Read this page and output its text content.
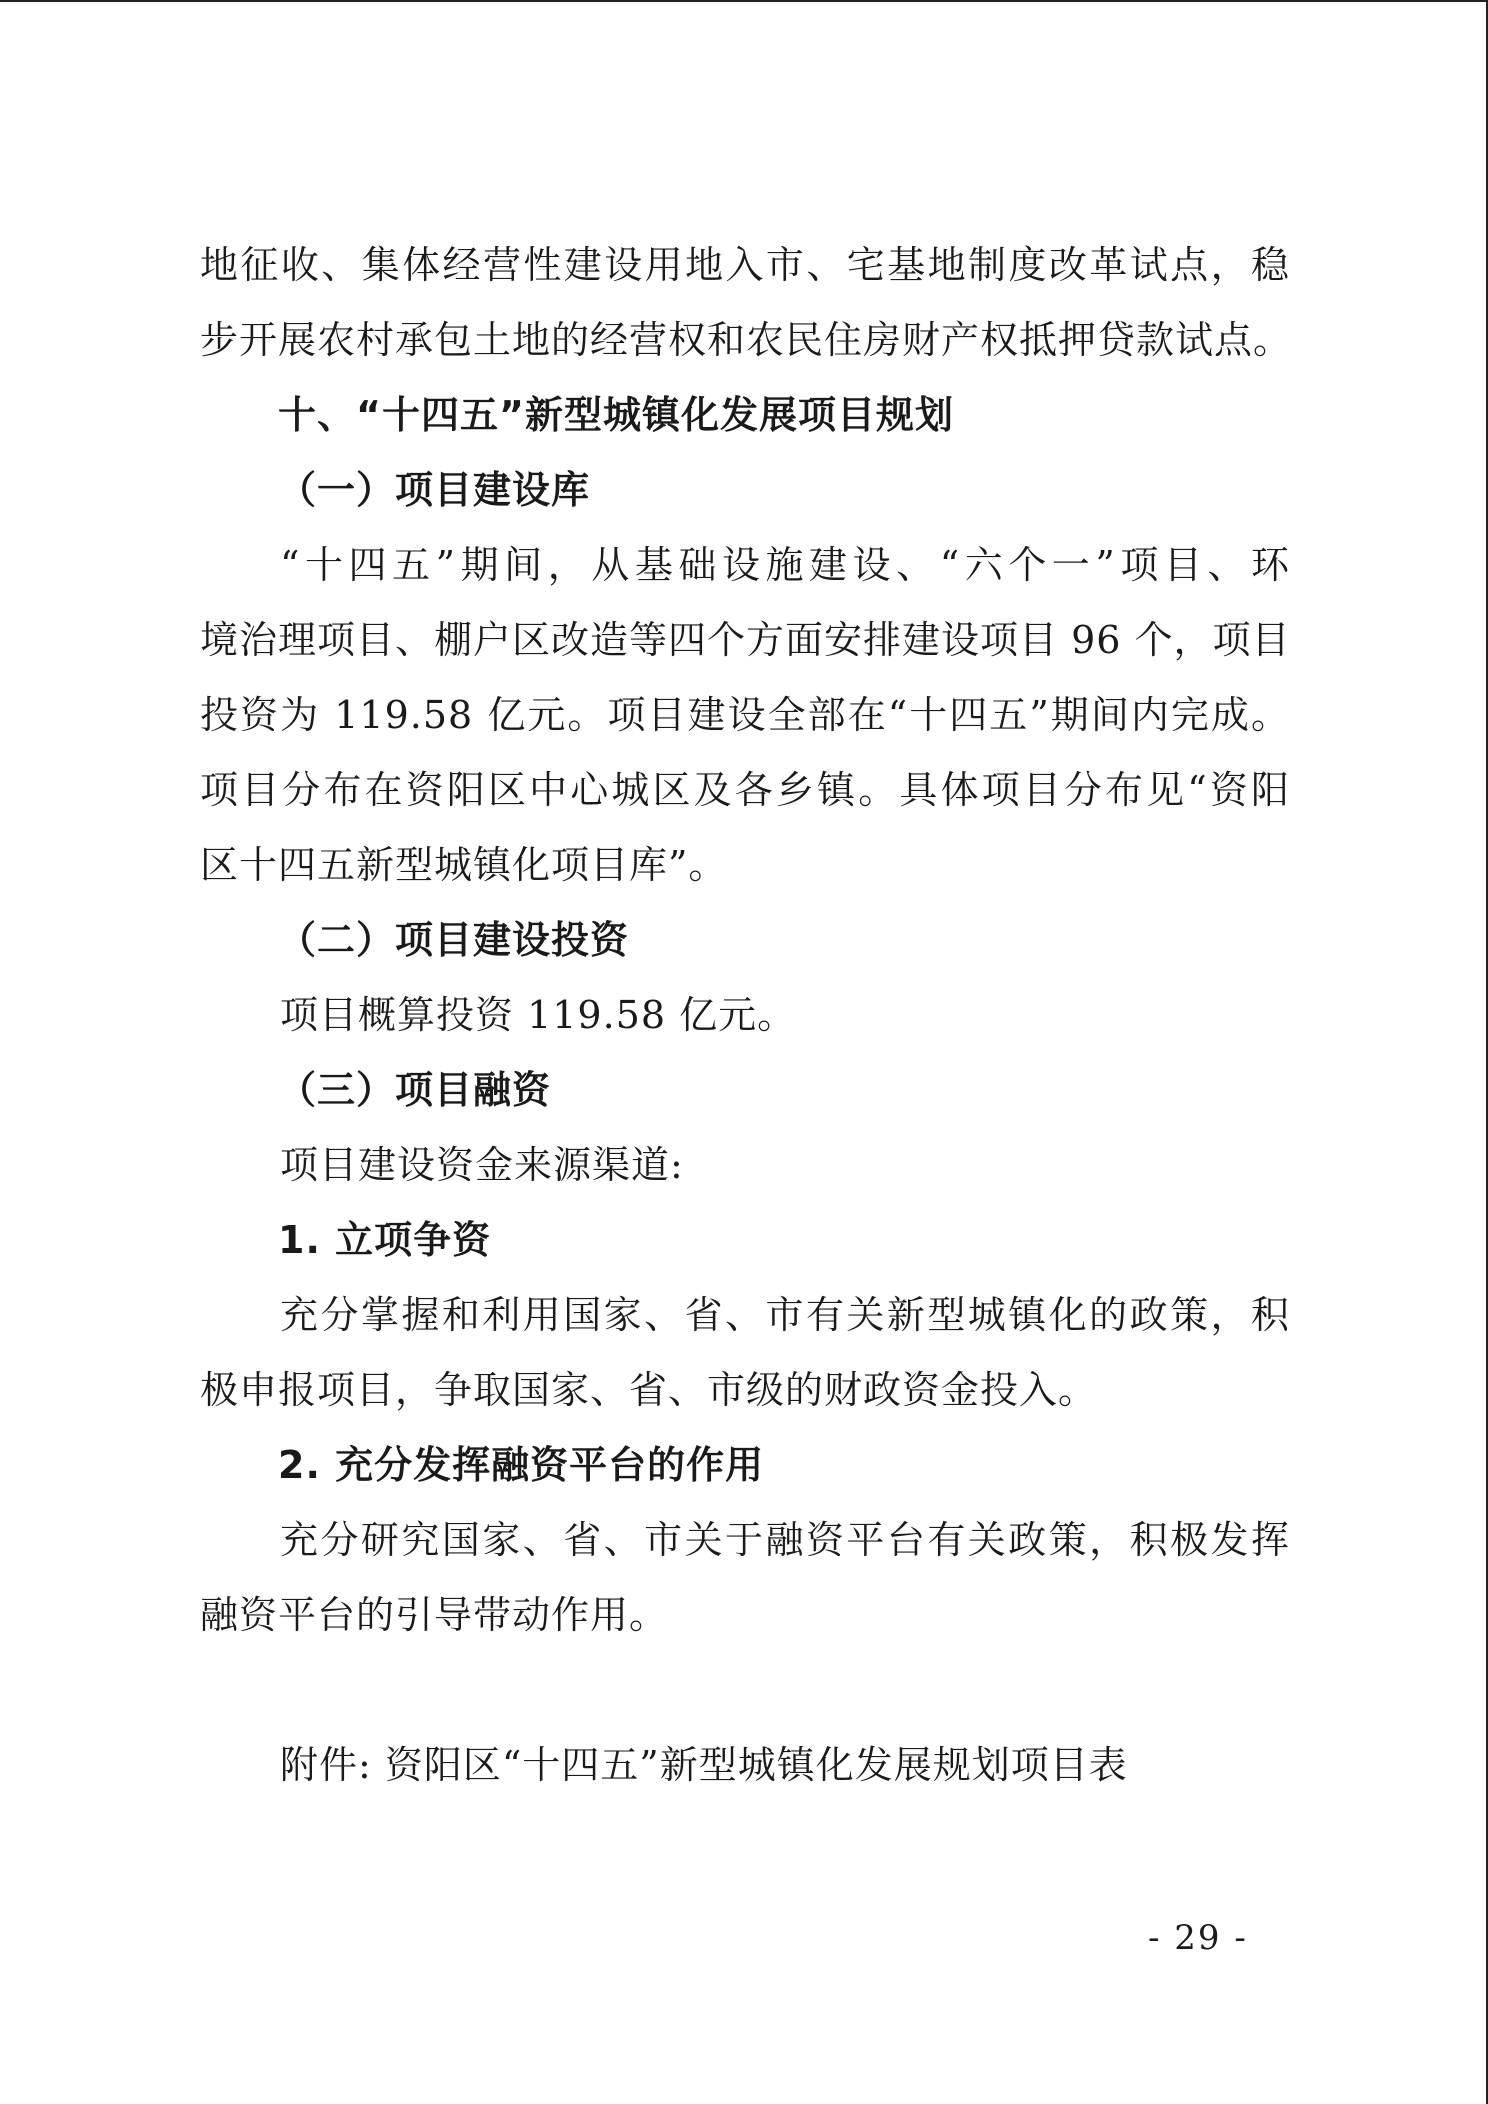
地征收、集体经营性建设用地入市、宅基地制度改革试点，稳
步开展农村承包土地的经营权和农民住房财产权抵押贷款试点。
十、“十四五”新型城镇化发展项目规划
（一）项目建设库
“十四五”期间，从基础设施建设、“六个一”项目、环
境治理项目、棚户区改造等四个方面安排建设项目 96 个，项目
投资为 119.58 亿元。项目建设全部在“十四五”期间内完成。
项目分布在资阳区中心城区及各乡镇。具体项目分布见“资阳
区十四五新型城镇化项目库”。
（二）项目建设投资
项目概算投资 119.58 亿元。
（三）项目融资
项目建设资金来源渠道:
1. 立项争资
充分掌握和利用国家、省、市有关新型城镇化的政策，积
极申报项目，争取国家、省、市级的财政资金投入。
2. 充分发挥融资平台的作用
充分研究国家、省、市关于融资平台有关政策，积极发挥
融资平台的引导带动作用。
附件: 资阳区“十四五”新型城镇化发展规划项目表
- 29 -
